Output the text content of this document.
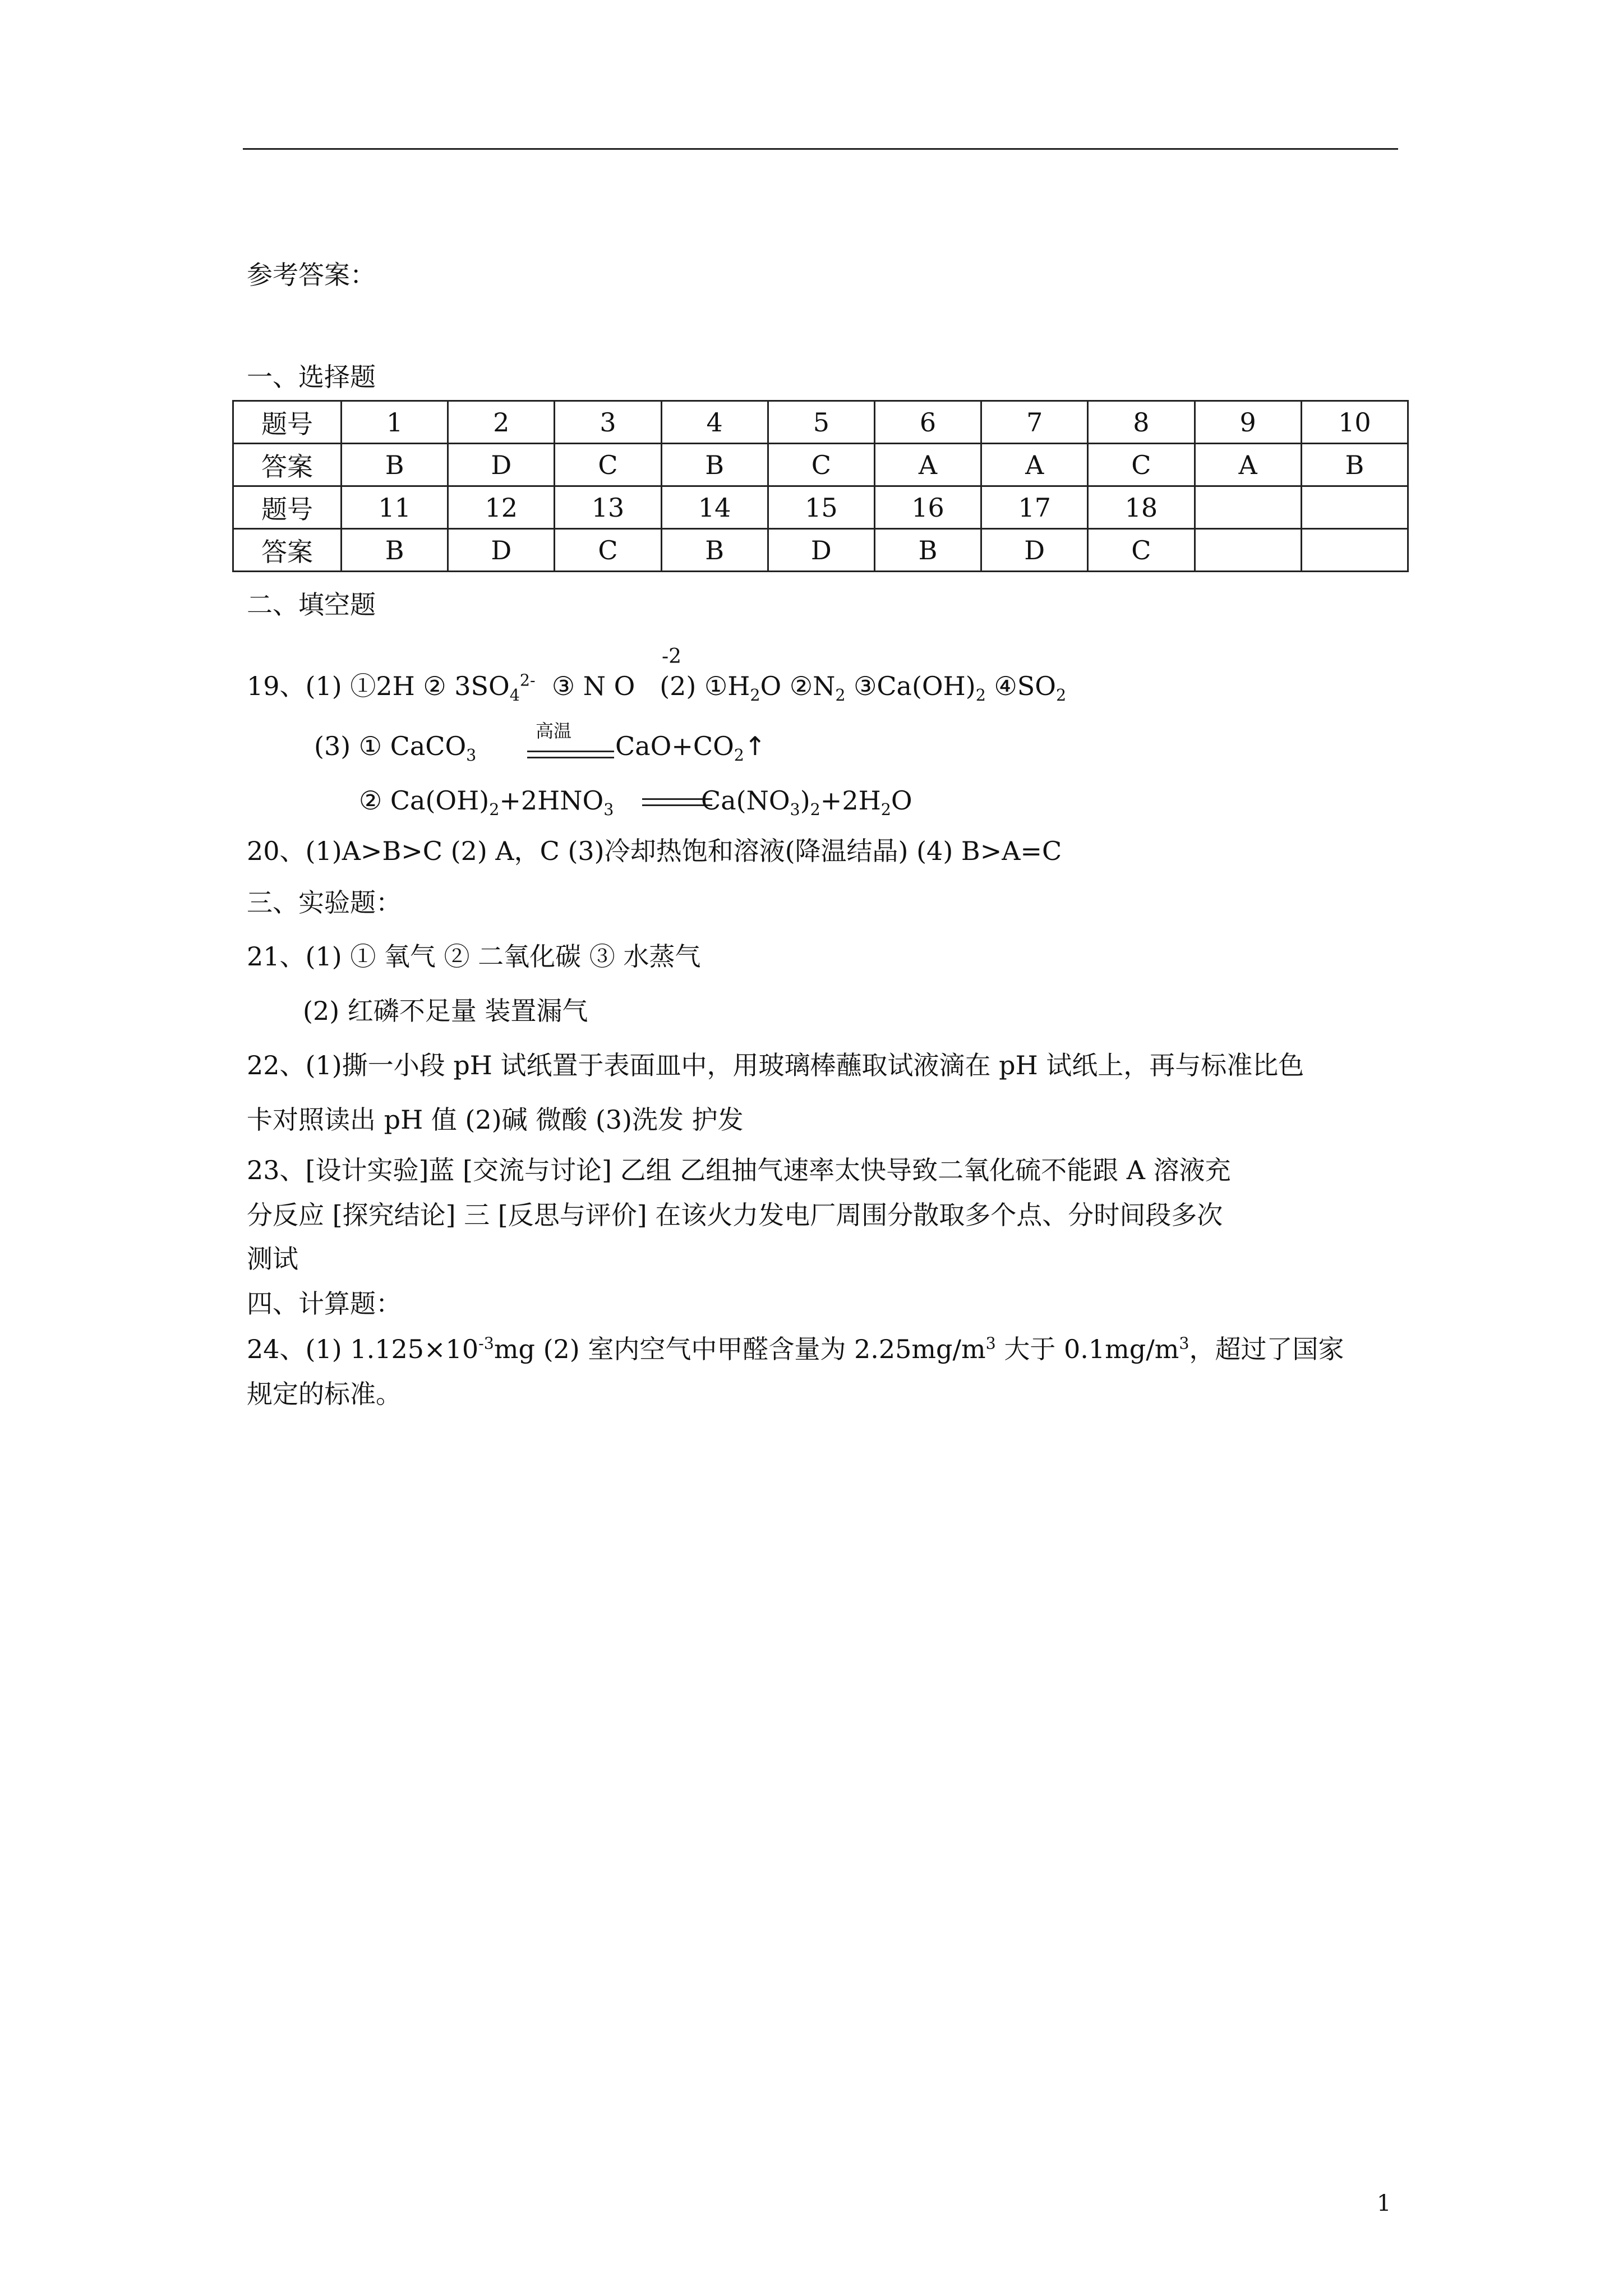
参考答案：
一、选择题
题号	1	2	3	4	5	6	7	8	9	10
答案	B	D	C	B	C	A	A	C	A	B
题号	11	12	13	14	15	16	17	18		
答案	B	D	C	B	D	B	D	C		
二、填空题
19、(1) ①2H ② $3SO_4^{2-}$ ③ N O (2) $①H_2O$ $②N_2$ $③Ca(OH)_2$ $④SO_2$
-2
(3) ① CaCO$_3$
高温 $CaO+CO_2↑$
② $Ca(OH)_2+2HNO_3$	$Ca(NO_3)_2+2H_2O$
20、(1)A>B>C (2) A，C (3)冷却热饱和溶液(降温结晶) (4) B>A=C
三、实验题：
21、(1) ① 氧气 ② 二氧化碳 ③ 水蒸气
(2) 红磷不足量 装置漏气
22、(1)撕一小段 pH 试纸置于表面皿中，用玻璃棒蘸取试液滴在 pH 试纸上，再与标准比色
卡对照读出 pH 值 (2)碱 微酸 (3)洗发 护发
23、[设计实验]蓝 [交流与讨论] 乙组 乙组抽气速率太快导致二氧化硫不能跟 A 溶液充
分反应 [探究结论] 三 [反思与评价] 在该火力发电厂周围分散取多个点、分时间段多次
测试
四、计算题：
24、(1) $1.125\times 10^{-3}mg$ (2) 室内空气中甲醛含量为 $2.25mg/m^3$ 大于 $0.1mg/m^3$，超过了国家
规定的标准。
1
